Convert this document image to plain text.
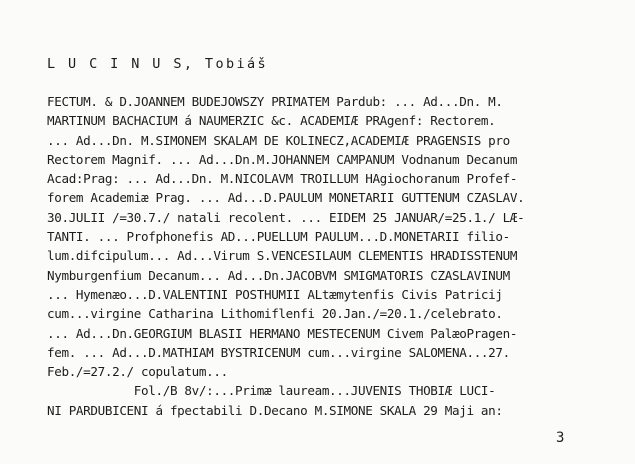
L U C I N U S, Tobiáš
FECTUM. & D.JOANNEM BUDEJOWSZY PRIMATEM Pardub: ... Ad...Dn. M.
MARTINUM BACHACIUM á NAUMERZIC &c. ACADEMIÆ PRAgenf: Rectorem.
... Ad...Dn. M.SIMONEM SKALAM DE KOLINECZ,ACADEMIÆ PRAGENSIS pro
Rectorem Magnif. ... Ad...Dn.M.JOHANNEM CAMPANUM Vodnanum Decanum
Acad:Prag: ... Ad...Dn. M.NICOLAVM TROILLUM HAgiochoranum Profef-
forem Academiæ Prag. ... Ad...D.PAULUM MONETARII GUTTENUM CZASLAV.
30.JULII /=30.7./ natali recolent. ... EIDEM 25 JANUAR/=25.1./ LÆ-
TANTI. ... Profphonefis AD...PUELLUM PAULUM...D.MONETARII filio-
lum.difcipulum... Ad...Virum S.VENCESILAUM CLEMENTIS HRADISSTENUM
Nymburgenfium Decanum... Ad...Dn.JACOBVM SMIGMATORIS CZASLAVINUM
... Hymenæo...D.VALENTINI POSTHUMII ALtæmytenfis Civis Patricij
cum...virgine Catharina Lithomiflenfi 20.Jan./=20.1./celebrato.
... Ad...Dn.GEORGIUM BLASII HERMANO MESTECENUM Civem PalæoPragen-
fem. ... Ad...D.MATHIAM BYSTRICENUM cum...virgine SALOMENA...27.
Feb./=27.2./ copulatum...
Fol./B 8v/:...Primæ lauream...JUVENIS THOBIÆ LUCI-
NI PARDUBICENI á fpectabili D.Decano M.SIMONE SKALA 29 Maji an:
3
